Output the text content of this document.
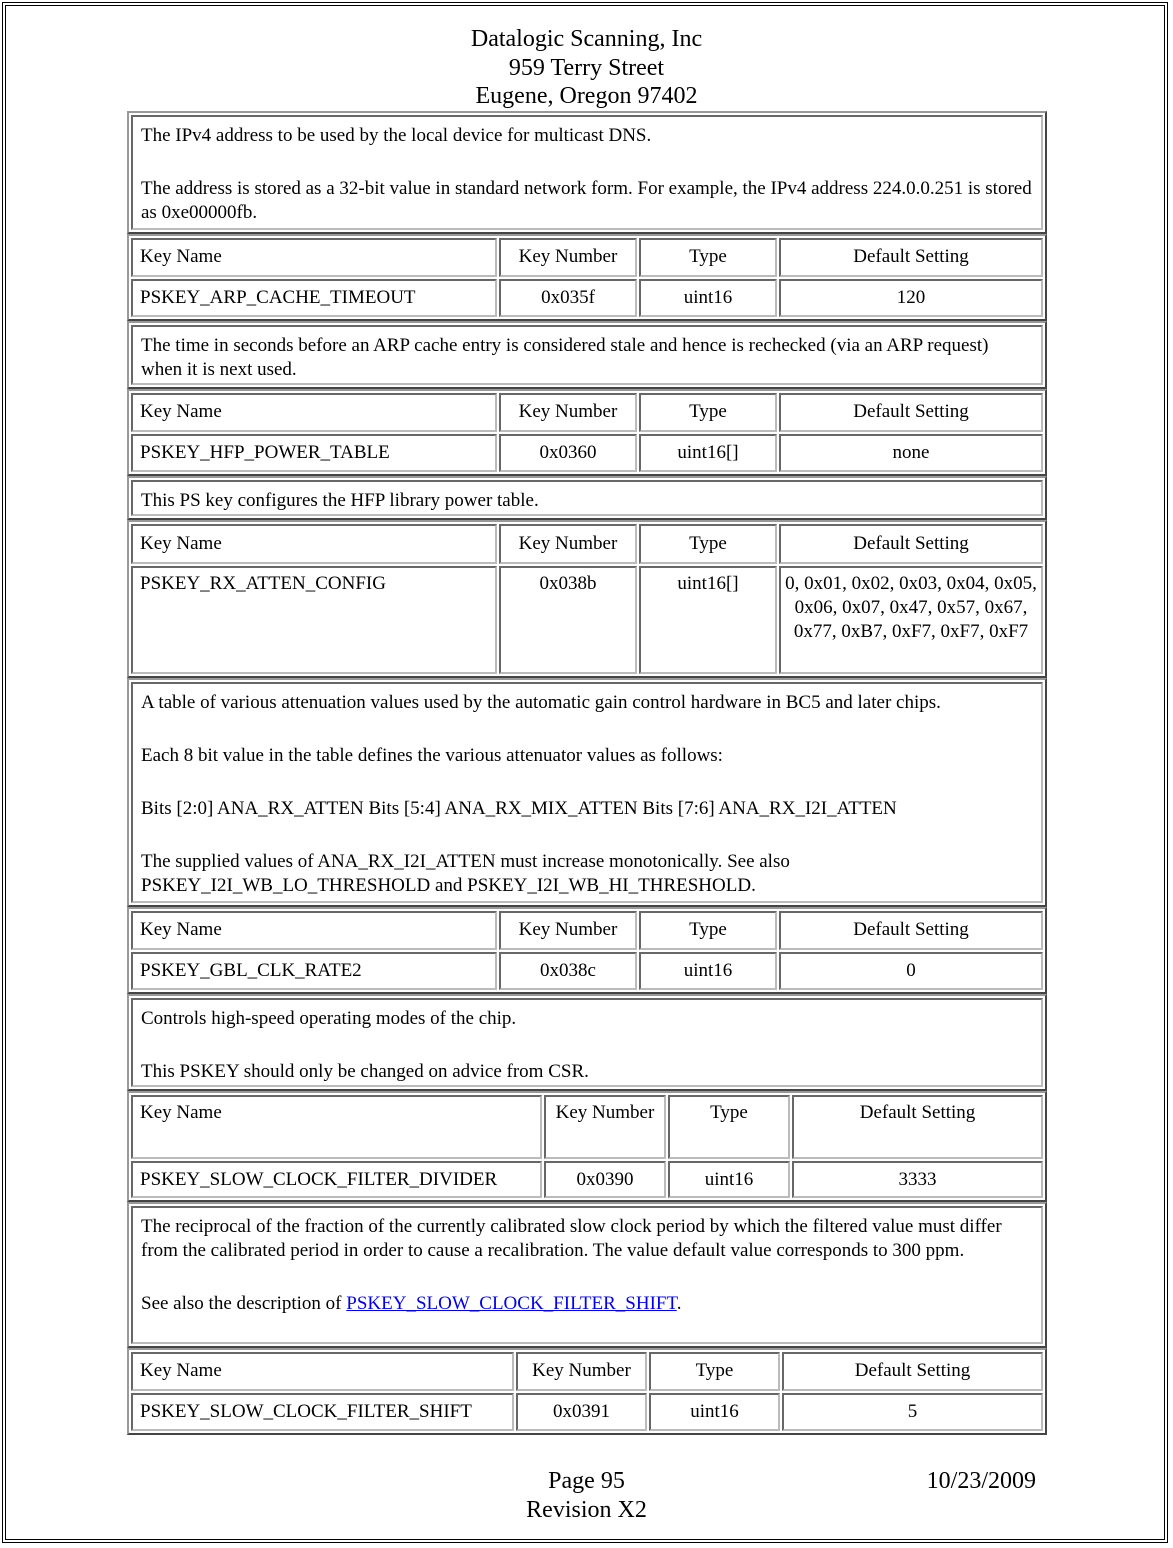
Datalogic Scanning, Inc
959 Terry Street
Eugene, Oregon 97402

The IPv4 address to be used by the local device for multicast DNS.

The address is stored as a 32-bit value in standard network form. For example, the IPv4 address 224.0.0.251 is stored as 0xe00000fb.

Key Name	Key Number	Type	Default Setting
PSKEY_ARP_CACHE_TIMEOUT	0x035f	uint16	120

The time in seconds before an ARP cache entry is considered stale and hence is rechecked (via an ARP request) when it is next used.

Key Name	Key Number	Type	Default Setting
PSKEY_HFP_POWER_TABLE	0x0360	uint16[]	none

This PS key configures the HFP library power table.

Key Name	Key Number	Type	Default Setting
PSKEY_RX_ATTEN_CONFIG	0x038b	uint16[]	0, 0x01, 0x02, 0x03, 0x04, 0x05, 0x06, 0x07, 0x47, 0x57, 0x67, 0x77, 0xB7, 0xF7, 0xF7, 0xF7

A table of various attenuation values used by the automatic gain control hardware in BC5 and later chips.

Each 8 bit value in the table defines the various attenuator values as follows:

Bits [2:0] ANA_RX_ATTEN Bits [5:4] ANA_RX_MIX_ATTEN Bits [7:6] ANA_RX_I2I_ATTEN

The supplied values of ANA_RX_I2I_ATTEN must increase monotonically. See also PSKEY_I2I_WB_LO_THRESHOLD and PSKEY_I2I_WB_HI_THRESHOLD.

Key Name	Key Number	Type	Default Setting
PSKEY_GBL_CLK_RATE2	0x038c	uint16	0

Controls high-speed operating modes of the chip.

This PSKEY should only be changed on advice from CSR.

Key Name	Key Number	Type	Default Setting
PSKEY_SLOW_CLOCK_FILTER_DIVIDER	0x0390	uint16	3333

The reciprocal of the fraction of the currently calibrated slow clock period by which the filtered value must differ from the calibrated period in order to cause a recalibration. The value default value corresponds to 300 ppm.

See also the description of PSKEY_SLOW_CLOCK_FILTER_SHIFT.

Key Name	Key Number	Type	Default Setting
PSKEY_SLOW_CLOCK_FILTER_SHIFT	0x0391	uint16	5
Page 95
Revision X2
10/23/2009
